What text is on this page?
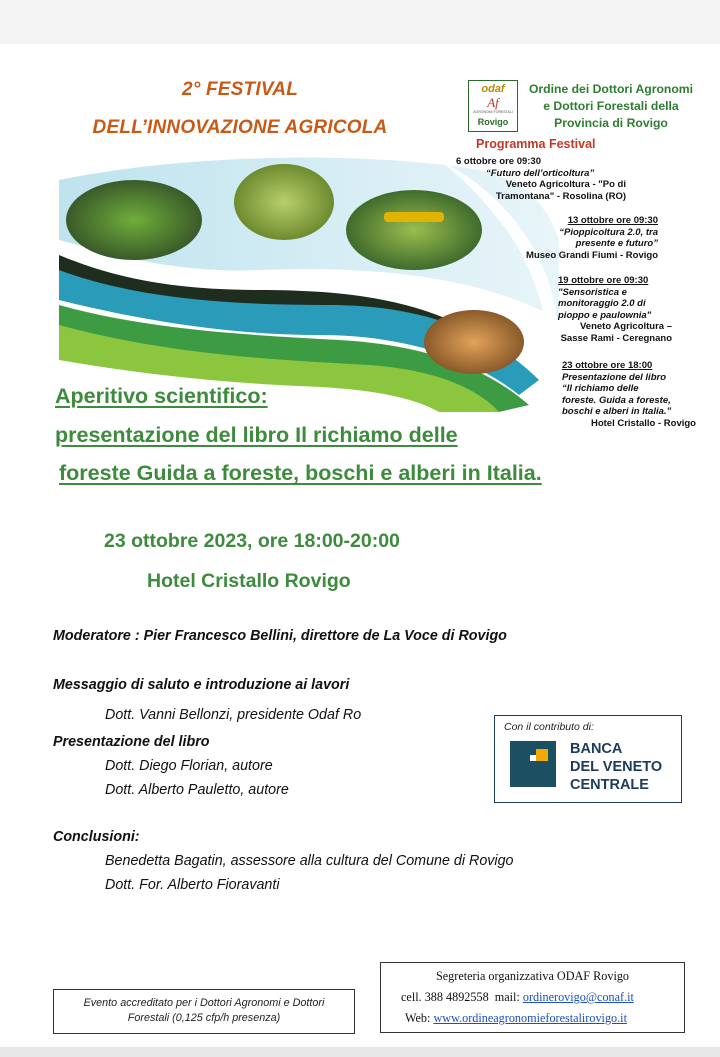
2° FESTIVAL
DELL’INNOVAZIONE AGRICOLA
odaf
Af
AGRONOMI FORESTALI
Rovigo
Ordine dei Dottori Agronomi
e Dottori Forestali della
Provincia di Rovigo
Programma Festival
6 ottobre ore 09:30

“Futuro dell’orticoltura”
Veneto Agricoltura - "Po di
Tramontana" - Rosolina (RO)
13 ottobre ore 09:30
“Pioppicoltura 2.0, tra
presente e futuro”
Museo Grandi Fiumi - Rovigo
19 ottobre ore 09:30
"Sensoristica e
monitoraggio 2.0 di
pioppo e paulownia"
Veneto Agricoltura –
Sasse Rami - Ceregnano
23 ottobre ore 18:00
Presentazione del libro
“Il richiamo delle
foreste. Guida a foreste,
boschi e alberi in Italia.”
Hotel Cristallo - Rovigo
Aperitivo scientifico:
presentazione del libro Il richiamo delle
foreste Guida a foreste, boschi e alberi in Italia.
23 ottobre 2023, ore 18:00-20:00
Hotel Cristallo Rovigo
Moderatore : Pier Francesco Bellini, direttore de La Voce di Rovigo
Messaggio di saluto e introduzione ai lavori
Dott. Vanni Bellonzi, presidente Odaf Ro
Presentazione del libro
Dott. Diego Florian, autore
Dott. Alberto Pauletto, autore
Conclusioni:
Benedetta Bagatin, assessore alla cultura del Comune di Rovigo
Dott. For. Alberto Fioravanti
Con il contributo di:
BANCA
DEL VENETO
CENTRALE
Segreteria organizzativa ODAF Rovigo
cell. 388 4892558 mail: ordinerovigo@conaf.it
Web: www.ordineagronomieforestalirovigo.it
Evento accreditato per i Dottori Agronomi e Dottori
Forestali (0,125 cfp/h presenza)
